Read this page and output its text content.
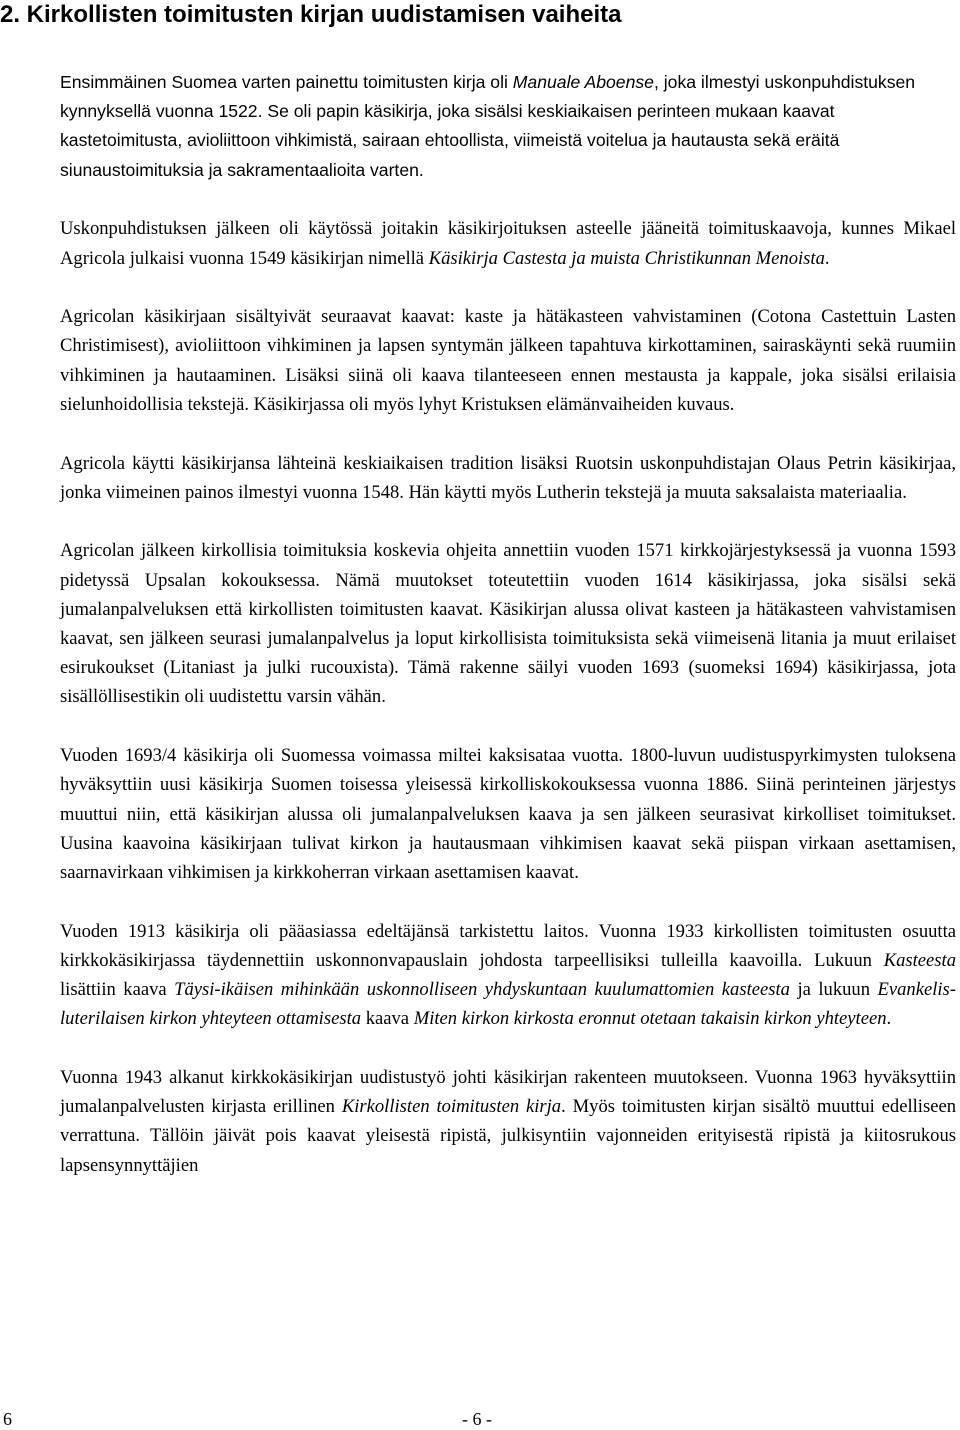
2. Kirkollisten toimitusten kirjan uudistamisen vaiheita

Ensimmäinen Suomea varten painettu toimitusten kirja oli Manuale Aboense, joka ilmestyi uskonpuhdistuksen kynnyksellä vuonna 1522. Se oli papin käsikirja, joka sisälsi keskiaikaisen perinteen mukaan kaavat kastetoimitusta, avioliittoon vihkimistä, sairaan ehtoollista, viimeistä voitelua ja hautausta sekä eräitä siunaustoimituksia ja sakramentaalioita varten.

Uskonpuhdistuksen jälkeen oli käytössä joitakin käsikirjoituksen asteelle jääneitä toimituskaavoja, kunnes Mikael Agricola julkaisi vuonna 1549 käsikirjan nimellä Käsikirja Castesta ja muista Christikunnan Menoista.

Agricolan käsikirjaan sisältyivät seuraavat kaavat: kaste ja hätäkasteen vahvistaminen (Cotona Castettuin Lasten Christimisest), avioliittoon vihkiminen ja lapsen syntymän jälkeen tapahtuva kirkottaminen, sairaskäynti sekä ruumiin vihkiminen ja hautaaminen. Lisäksi siinä oli kaava tilanteeseen ennen mestausta ja kappale, joka sisälsi erilaisia sielunhoidollisia tekstejä. Käsikirjassa oli myös lyhyt Kristuksen elämänvaiheiden kuvaus.

Agricola käytti käsikirjansa lähteinä keskiaikaisen tradition lisäksi Ruotsin uskonpuhdistajan Olaus Petrin käsikirjaa, jonka viimeinen painos ilmestyi vuonna 1548. Hän käytti myös Lutherin tekstejä ja muuta saksalaista materiaalia.

Agricolan jälkeen kirkollisia toimituksia koskevia ohjeita annettiin vuoden 1571 kirkkojärjestyksessä ja vuonna 1593 pidetyssä Upsalan kokouksessa. Nämä muutokset toteutettiin vuoden 1614 käsikirjassa, joka sisälsi sekä jumalanpalveluksen että kirkollisten toimitusten kaavat. Käsikirjan alussa olivat kasteen ja hätäkasteen vahvistamisen kaavat, sen jälkeen seurasi jumalanpalvelus ja loput kirkollisista toimituksista sekä viimeisenä litania ja muut erilaiset esirukoukset (Litaniast ja julki rucouxista). Tämä rakenne säilyi vuoden 1693 (suomeksi 1694) käsikirjassa, jota sisällöllisestikin oli uudistettu varsin vähän.

Vuoden 1693/4 käsikirja oli Suomessa voimassa miltei kaksisataa vuotta. 1800-luvun uudistuspyrkimysten tuloksena hyväksyttiin uusi käsikirja Suomen toisessa yleisessä kirkolliskokouksessa vuonna 1886. Siinä perinteinen järjestys muuttui niin, että käsikirjan alussa oli jumalanpalveluksen kaava ja sen jälkeen seurasivat kirkolliset toimitukset. Uusina kaavoina käsikirjaan tulivat kirkon ja hautausmaan vihkimisen kaavat sekä piispan virkaan asettamisen, saarnavirkaan vihkimisen ja kirkkoherran virkaan asettamisen kaavat.

Vuoden 1913 käsikirja oli pääasiassa edeltäjänsä tarkistettu laitos. Vuonna 1933 kirkollisten toimitusten osuutta kirkkokäsikirjassa täydennettiin uskonnonvapauslain johdosta tarpeellisiksi tulleilla kaavoilla. Lukuun Kasteesta lisättiin kaava Täysi-ikäisen mihinkään uskonnolliseen yhdyskuntaan kuulumattomien kasteesta ja lukuun Evankelis-luterilaisen kirkon yhteyteen ottamisesta kaava Miten kirkon kirkosta eronnut otetaan takaisin kirkon yhteyteen.

Vuonna 1943 alkanut kirkkokäsikirjan uudistustyö johti käsikirjan rakenteen muutokseen. Vuonna 1963 hyväksyttiin jumalanpalvelusten kirjasta erillinen Kirkollisten toimitusten kirja. Myös toimitusten kirjan sisältö muuttui edelliseen verrattuna. Tällöin jäivät pois kaavat yleisestä ripistä, julkisyntiin vajonneiden erityisestä ripistä ja kiitosrukous lapsensynnyttäjien

6	- 6 -
